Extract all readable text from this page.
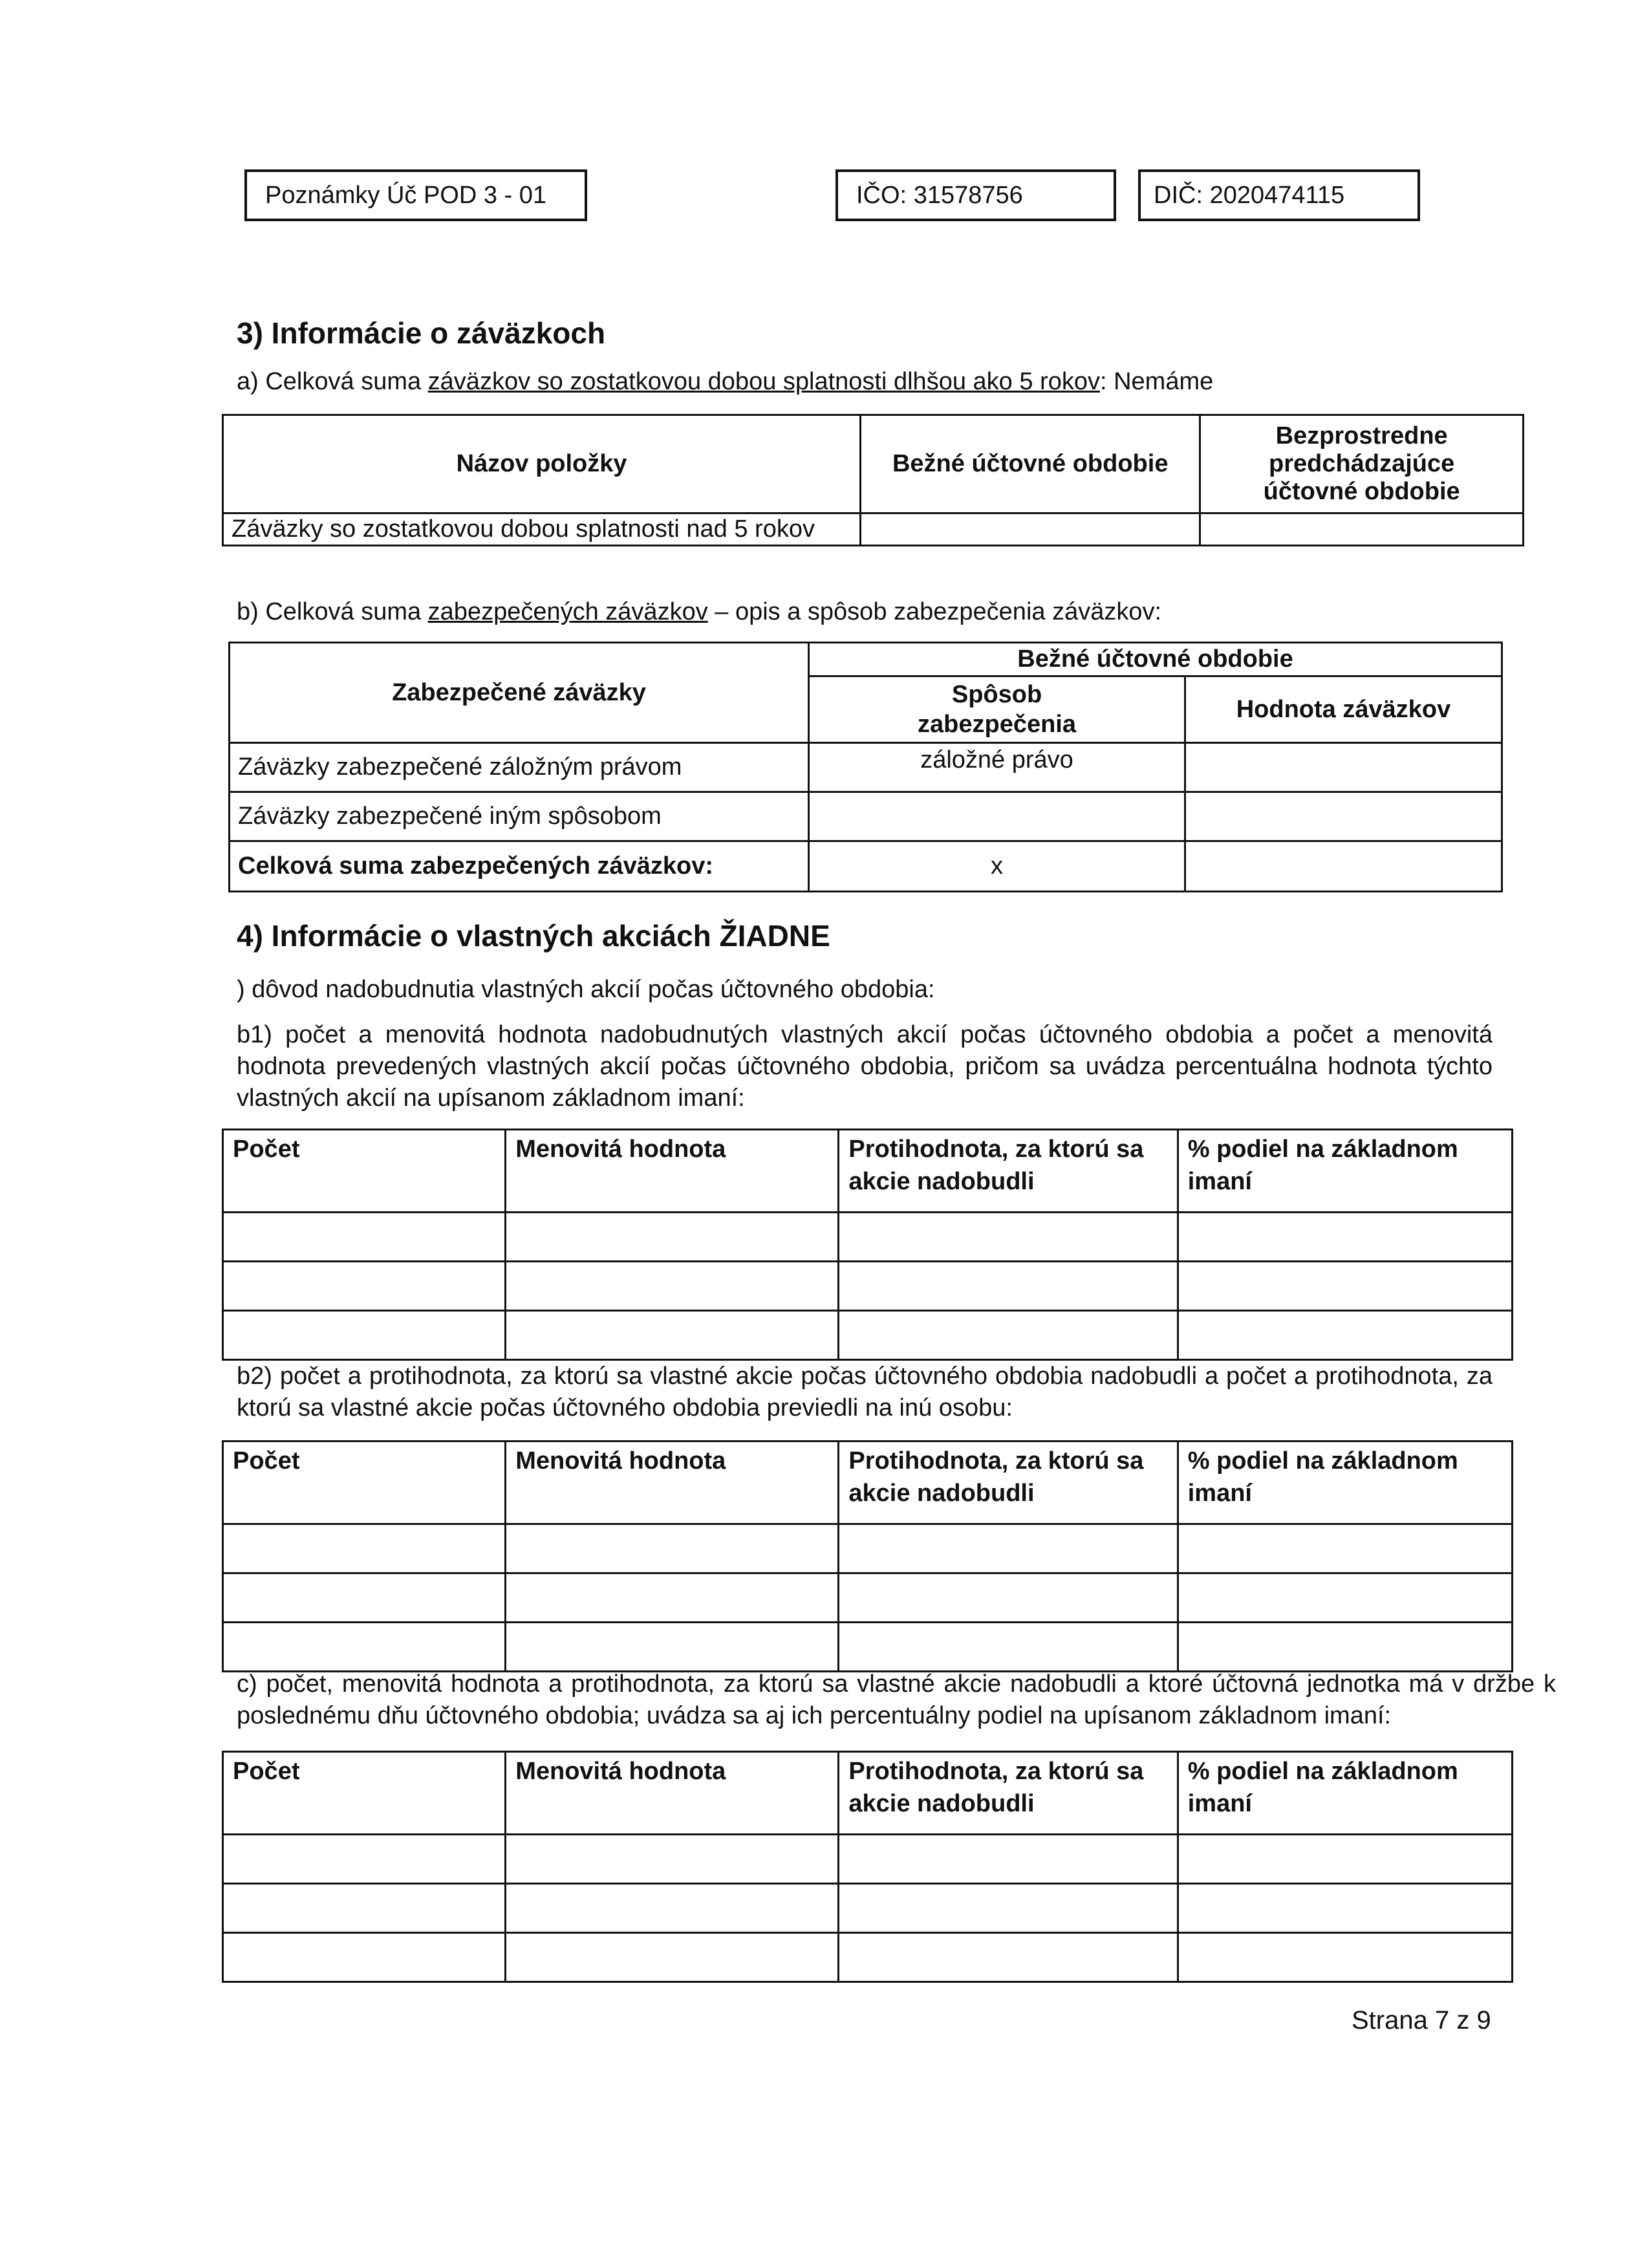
Poznámky Úč POD 3 - 01	IČO:
31578756	DIČ:
2020474115
3) Informácie o záväzkoch
a) Celková suma záväzkov so zostatkovou dobou splatnosti dlhšou ako 5 rokov: Nemáme
Názov položky	Bežné účtovné obdobie	Bezprostredne predchádzajúce účtovné obdobie
Záväzky so zostatkovou dobou splatnosti nad 5 rokov		
b) Celková suma zabezpečených záväzkov – opis a spôsob zabezpečenia záväzkov:
Zabezpečené záväzky	Bežné účtovné obdobie	
	Spôsob zabezpečenia	Hodnota záväzkov
Záväzky zabezpečené záložným právom	záložné právo	
Záväzky zabezpečené iným spôsobom		
Celková suma zabezpečených záväzkov:	x	
4) Informácie o vlastných akciách ŽIADNE
) dôvod nadobudnutia vlastných akcií počas účtovného obdobia:
b1) počet a menovitá hodnota nadobudnutých vlastných akcií počas účtovného obdobia a počet a menovitá hodnota prevedených vlastných akcií počas účtovného obdobia, pričom sa uvádza percentuálna hodnota týchto vlastných akcií na upísanom základnom imaní:
Počet	Menovitá hodnota	Protihodnota, za ktorú sa akcie nadobudli	% podiel na základnom imaní

b2) počet a protihodnota, za ktorú sa vlastné akcie počas účtovného obdobia nadobudli a počet a protihodnota, za ktorú sa vlastné akcie počas účtovného obdobia previedli na inú osobu:
Počet	Menovitá hodnota	Protihodnota, za ktorú sa akcie nadobudli	% podiel na základnom imaní

c) počet, menovitá hodnota a protihodnota, za ktorú sa vlastné akcie nadobudli a ktoré účtovná jednotka má v držbe k poslednému dňu účtovného obdobia; uvádza sa aj ich percentuálny podiel na upísanom základnom imaní:
Počet	Menovitá hodnota	Protihodnota, za ktorú sa akcie nadobudli	% podiel na základnom imaní

Strana 7 z 9
